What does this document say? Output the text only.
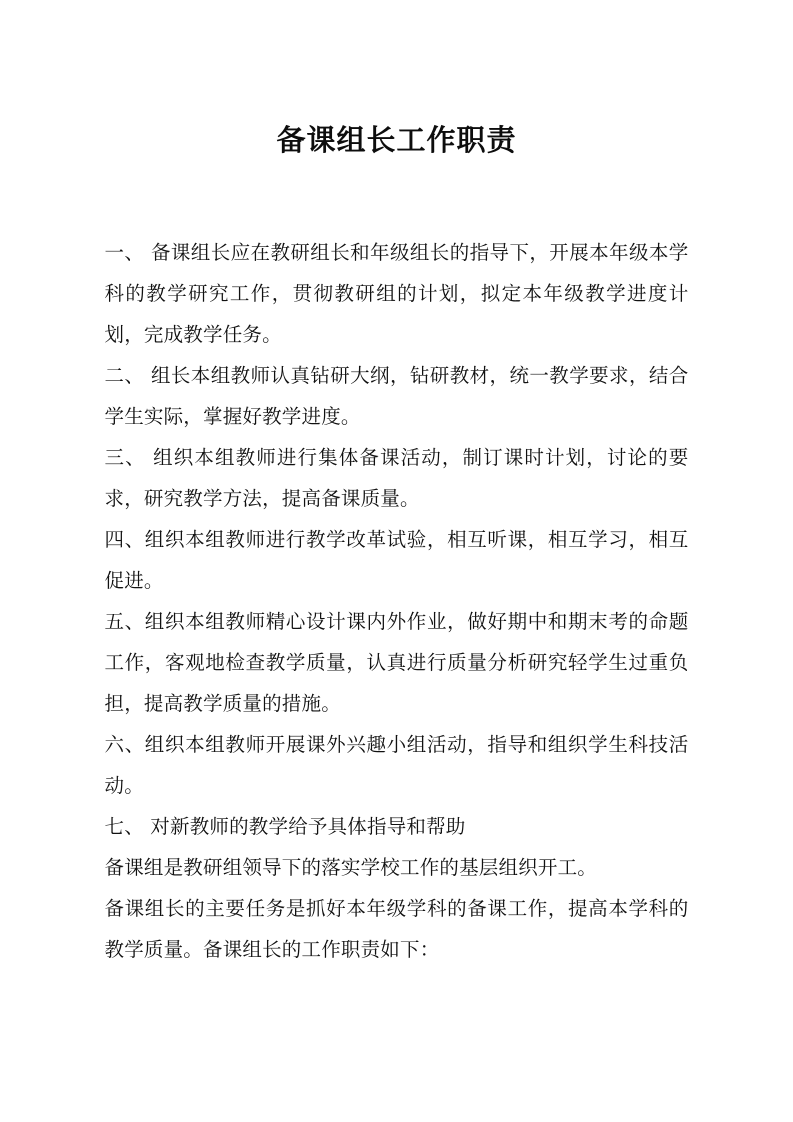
备课组长工作职责

一、 备课组长应在教研组长和年级组长的指导下，开展本年级本学科的教学研究工作，贯彻教研组的计划，拟定本年级教学进度计划，完成教学任务。

二、 组长本组教师认真钻研大纲，钻研教材，统一教学要求，结合学生实际，掌握好教学进度。

三、 组织本组教师进行集体备课活动，制订课时计划，讨论的要求，研究教学方法，提高备课质量。

四、组织本组教师进行教学改革试验，相互听课，相互学习，相互促进。

五、组织本组教师精心设计课内外作业，做好期中和期末考的命题工作，客观地检查教学质量，认真进行质量分析研究轻学生过重负担，提高教学质量的措施。

六、组织本组教师开展课外兴趣小组活动，指导和组织学生科技活动。

七、 对新教师的教学给予具体指导和帮助

备课组是教研组领导下的落实学校工作的基层组织开工。

备课组长的主要任务是抓好本年级学科的备课工作，提高本学科的教学质量。备课组长的工作职责如下：
